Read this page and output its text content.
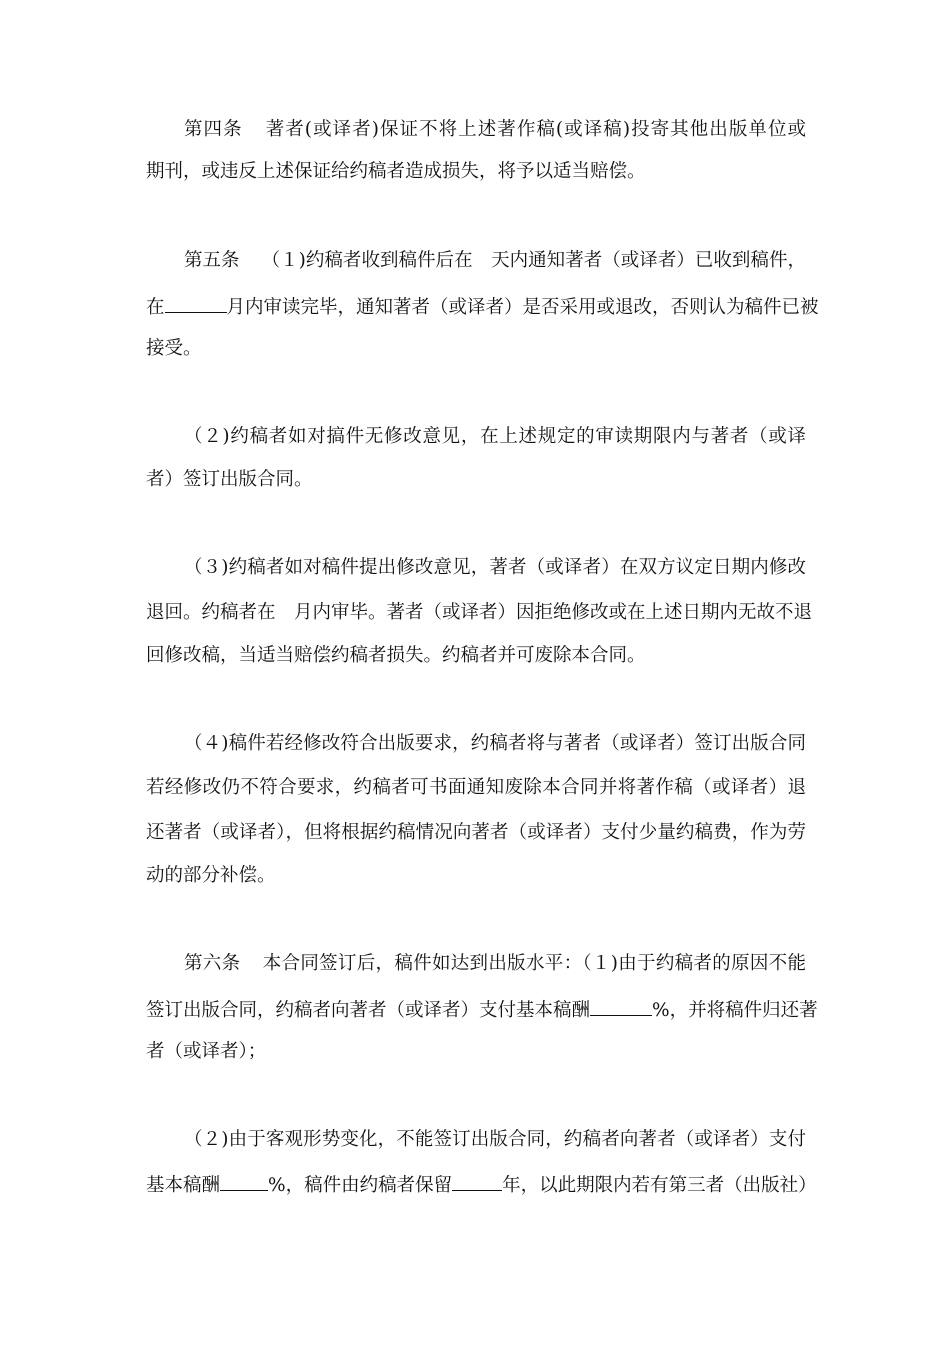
第四条 著者(或译者)保证不将上述著作稿(或译稿)投寄其他出版单位或
期刊，或违反上述保证给约稿者造成损失，将予以适当赔偿。
第五条 （１)约稿者收到稿件后在　天内通知著者（或译者）已收到稿件，
在	月内审读完毕，通知著者（或译者）是否采用或退改，否则认为稿件已被
接受。
（２)约稿者如对搞件无修改意见，在上述规定的审读期限内与著者（或译
者）签订出版合同。
（３)约稿者如对稿件提出修改意见，著者（或译者）在双方议定日期内修改
退回。约稿者在　月内审毕。著者（或译者）因拒绝修改或在上述日期内无故不退
回修改稿，当适当赔偿约稿者损失。约稿者并可废除本合同。
（４)稿件若经修改符合出版要求，约稿者将与著者（或译者）签订出版合同
若经修改仍不符合要求，约稿者可书面通知废除本合同并将著作稿（或译者）退
还著者（或译者），但将根据约稿情况向著者（或译者）支付少量约稿费，作为劳
动的部分补偿。
第六条 本合同签订后，稿件如达到出版水平：（１)由于约稿者的原因不能
签订出版合同，约稿者向著者（或译者）支付基本稿酬	%，并将稿件归还著
者（或译者）；
（２)由于客观形势变化，不能签订出版合同，约稿者向著者（或译者）支付
基本稿酬	%，稿件由约稿者保留	年，以此期限内若有第三者（出版社）
